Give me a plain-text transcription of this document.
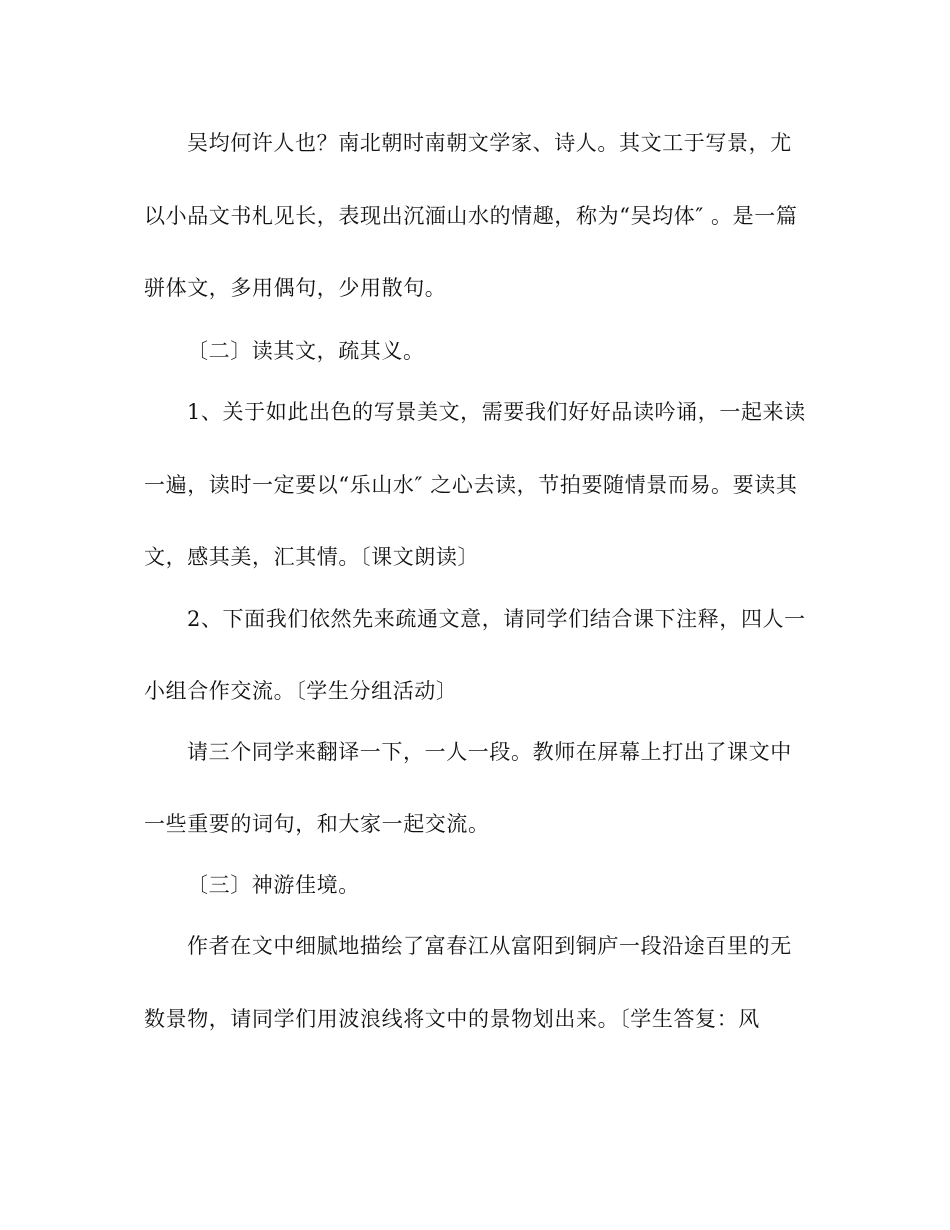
吴均何许人也？南北朝时南朝文学家、诗人。其文工于写景，尤
以小品文书札见长，表现出沉湎山水的情趣，称为“吴均体″ 。是一篇
骈体文，多用偶句，少用散句。
〔二〕读其文，疏其义。
1、关于如此出色的写景美文，需要我们好好品读吟诵，一起来读
一遍，读时一定要以“乐山水″ 之心去读，节拍要随情景而易。要读其
文，感其美，汇其情。〔课文朗读〕
2、下面我们依然先来疏通文意，请同学们结合课下注释，四人一
小组合作交流。〔学生分组活动〕
请三个同学来翻译一下，一人一段。教师在屏幕上打出了课文中
一些重要的词句，和大家一起交流。
〔三〕神游佳境。
作者在文中细腻地描绘了富春江从富阳到铜庐一段沿途百里的无
数景物，请同学们用波浪线将文中的景物划出来。〔学生答复：风
